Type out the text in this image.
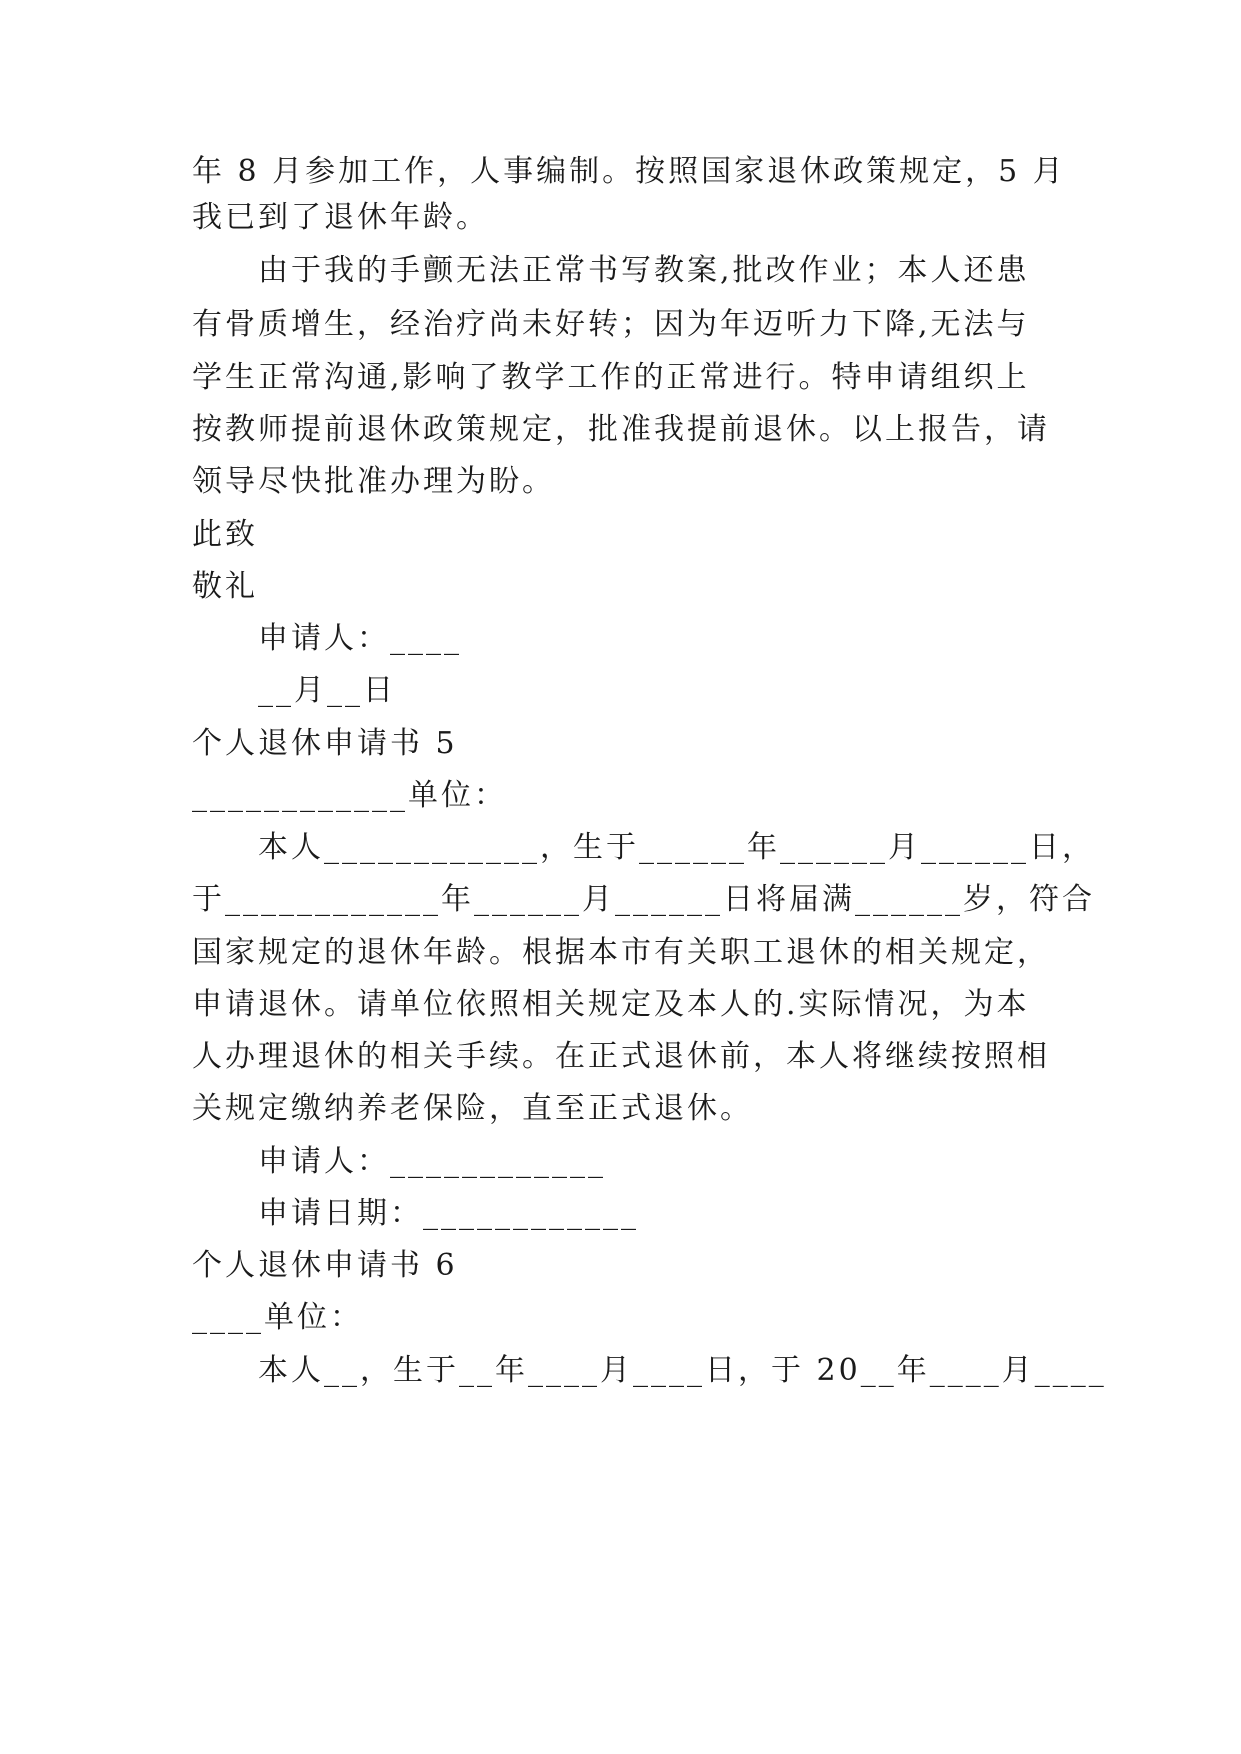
年 8 月参加工作，人事编制。按照国家退休政策规定，5 月
我已到了退休年龄。
由于我的手颤无法正常书写教案,批改作业；本人还患
有骨质增生，经治疗尚未好转；因为年迈听力下降,无法与
学生正常沟通,影响了教学工作的正常进行。特申请组织上
按教师提前退休政策规定，批准我提前退休。以上报告，请
领导尽快批准办理为盼。
此致
敬礼
申请人：____
__月__日
个人退休申请书 5
____________单位：
本人____________，生于______年______月______日，
于____________年______月______日将届满______岁，符合
国家规定的退休年龄。根据本市有关职工退休的相关规定，
申请退休。请单位依照相关规定及本人的.实际情况，为本
人办理退休的相关手续。在正式退休前，本人将继续按照相
关规定缴纳养老保险，直至正式退休。
申请人：____________
申请日期：____________
个人退休申请书 6
____单位：
本人__，生于__年____月____日，于 20__年____月____
